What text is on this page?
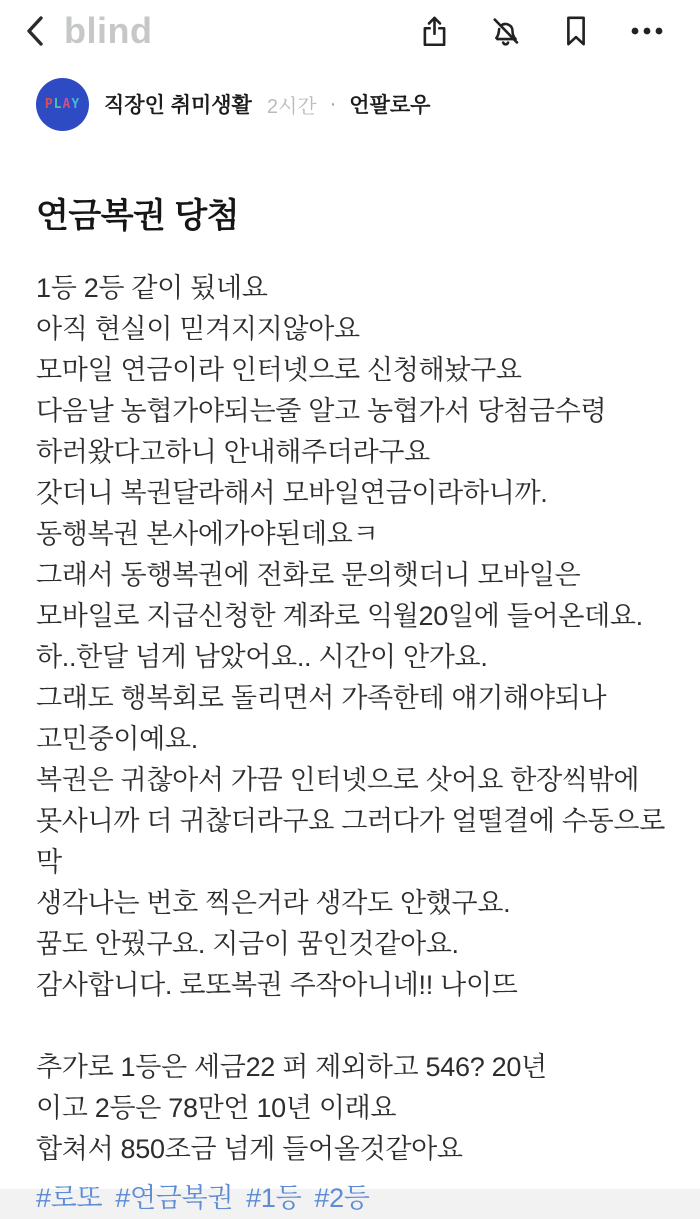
blind
PLAY 직장인 취미생활 2시간 · 언팔로우
연금복권 당첨
1등 2등 같이 됬네요
아직 현실이 믿겨지지않아요
모마일 연금이라 인터넷으로 신청해놨구요
다음날 농협가야되는줄 알고 농협가서 당첨금수령
하러왔다고하니 안내해주더라구요
갓더니 복권달라해서 모바일연금이라하니까.
동행복권 본사에가야된데요ㅋ
그래서 동행복권에 전화로 문의햇더니 모바일은
모바일로 지급신청한 계좌로 익월20일에 들어온데요.
하..한달 넘게 남았어요.. 시간이 안가요.
그래도 행복회로 돌리면서 가족한테 얘기해야되나
고민중이예요.
복권은 귀찮아서 가끔 인터넷으로 삿어요 한장씩밖에
못사니까 더 귀찮더라구요 그러다가 얼떨결에 수동으로 막
생각나는 번호 찍은거라 생각도 안했구요.
꿈도 안꿨구요. 지금이 꿈인것같아요.
감사합니다. 로또복권 주작아니네!! 나이뜨

추가로 1등은 세금22 퍼 제외하고 546? 20년
이고 2등은 78만언 10년 이래요
합쳐서 850조금 넘게 들어올것같아요
#로또 #연금복권 #1등 #2등
